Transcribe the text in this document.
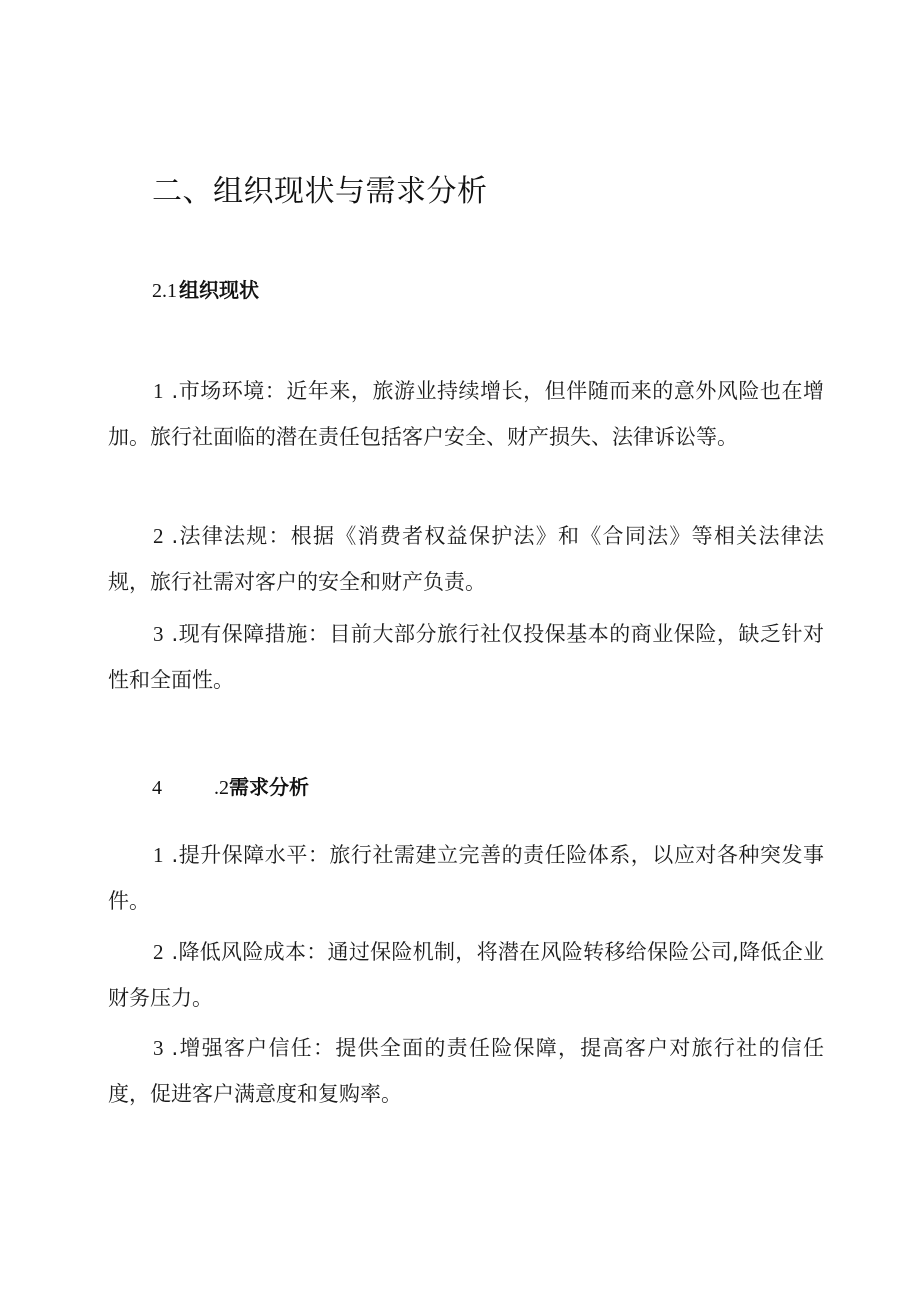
二、组织现状与需求分析
2.1 组织现状

1 .市场环境：近年来，旅游业持续增长，但伴随而来的意外风险也在增加。旅行社面临的潜在责任包括客户安全、财产损失、法律诉讼等。

2 .法律法规：根据《消费者权益保护法》和《合同法》等相关法律法规，旅行社需对客户的安全和财产负责。

3 .现有保障措施：目前大部分旅行社仅投保基本的商业保险，缺乏针对性和全面性。

4	.2需求分析

1 .提升保障水平：旅行社需建立完善的责任险体系，以应对各种突发事件。

2 .降低风险成本：通过保险机制，将潜在风险转移给保险公司,降低企业财务压力。

3 .增强客户信任：提供全面的责任险保障，提高客户对旅行社的信任度，促进客户满意度和复购率。
